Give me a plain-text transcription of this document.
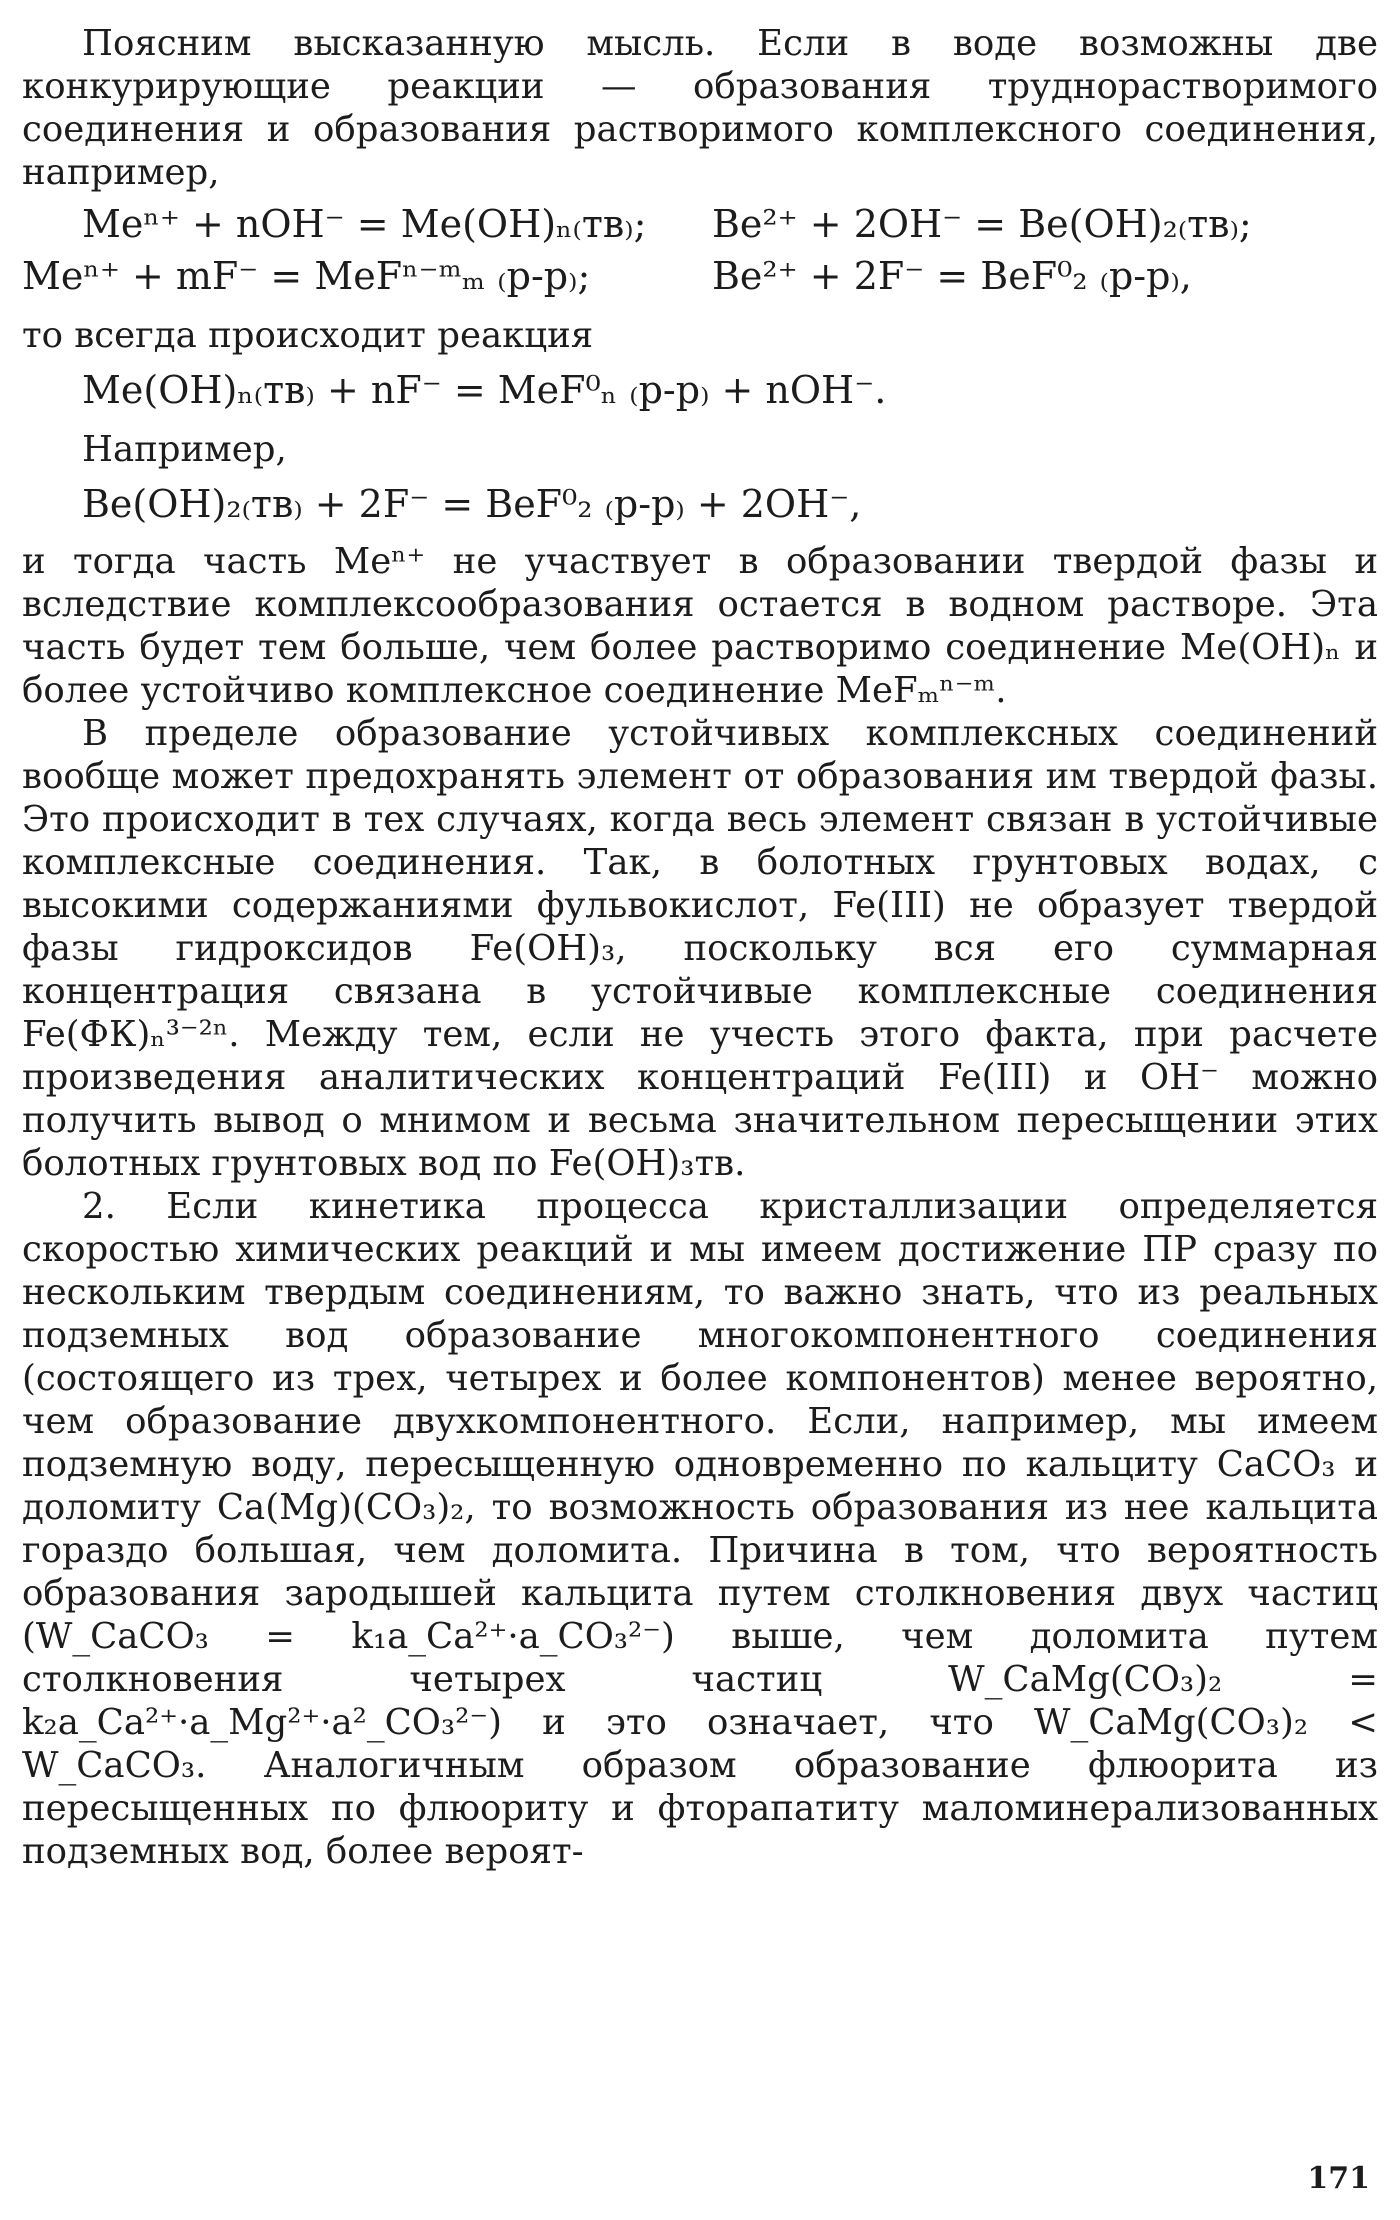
Поясним высказанную мысль. Если в воде возможны две конкурирующие реакции — образования труднорастворимого соединения и образования растворимого комплексного соединения, например,

Meⁿ⁺ + nOH⁻ = Me(OH)ₙ₍тв₎;	Be²⁺ + 2OH⁻ = Be(OH)₂₍тв₎;
Meⁿ⁺ + mF⁻ = MeFⁿ⁻ᵐₘ ₍р-р₎;	Be²⁺ + 2F⁻ = BeF⁰₂ ₍р-р₎,

то всегда происходит реакция

Me(OH)ₙ₍тв₎ + nF⁻ = MeF⁰ₙ ₍р-р₎ + nOH⁻.

Например,

Be(OH)₂₍тв₎ + 2F⁻ = BeF⁰₂ ₍р-р₎ + 2OH⁻,

и тогда часть Meⁿ⁺ не участвует в образовании твердой фазы и вследствие комплексообразования остается в водном растворе. Эта часть будет тем больше, чем более растворимо соединение Me(OH)ₙ и более устойчиво комплексное соединение MeFₘⁿ⁻ᵐ.

В пределе образование устойчивых комплексных соединений вообще может предохранять элемент от образования им твердой фазы. Это происходит в тех случаях, когда весь элемент связан в устойчивые комплексные соединения. Так, в болотных грунтовых водах, с высокими содержаниями фульвокислот, Fe(III) не образует твердой фазы гидроксидов Fe(OH)₃, поскольку вся его суммарная концентрация связана в устойчивые комплексные соединения Fe(ФК)ₙ³⁻²ⁿ. Между тем, если не учесть этого факта, при расчете произведения аналитических концентраций Fe(III) и OH⁻ можно получить вывод о мнимом и весьма значительном пересыщении этих болотных грунтовых вод по Fe(OH)₃тв.

2. Если кинетика процесса кристаллизации определяется скоростью химических реакций и мы имеем достижение ПР сразу по нескольким твердым соединениям, то важно знать, что из реальных подземных вод образование многокомпонентного соединения (состоящего из трех, четырех и более компонентов) менее вероятно, чем образование двухкомпонентного. Если, например, мы имеем подземную воду, пересыщенную одновременно по кальциту CaCO₃ и доломиту Ca(Mg)(CO₃)₂, то возможность образования из нее кальцита гораздо большая, чем доломита. Причина в том, что вероятность образования зародышей кальцита путем столкновения двух частиц (W_CaCO₃ = k₁a_Ca²⁺·a_CO₃²⁻) выше, чем доломита путем столкновения четырех частиц W_CaMg(CO₃)₂ = k₂a_Ca²⁺·a_Mg²⁺·a²_CO₃²⁻) и это означает, что W_CaMg(CO₃)₂ < W_CaCO₃. Аналогичным образом образование флюорита из пересыщенных по флюориту и фторапатиту маломинерализованных подземных вод, более вероят-

171
